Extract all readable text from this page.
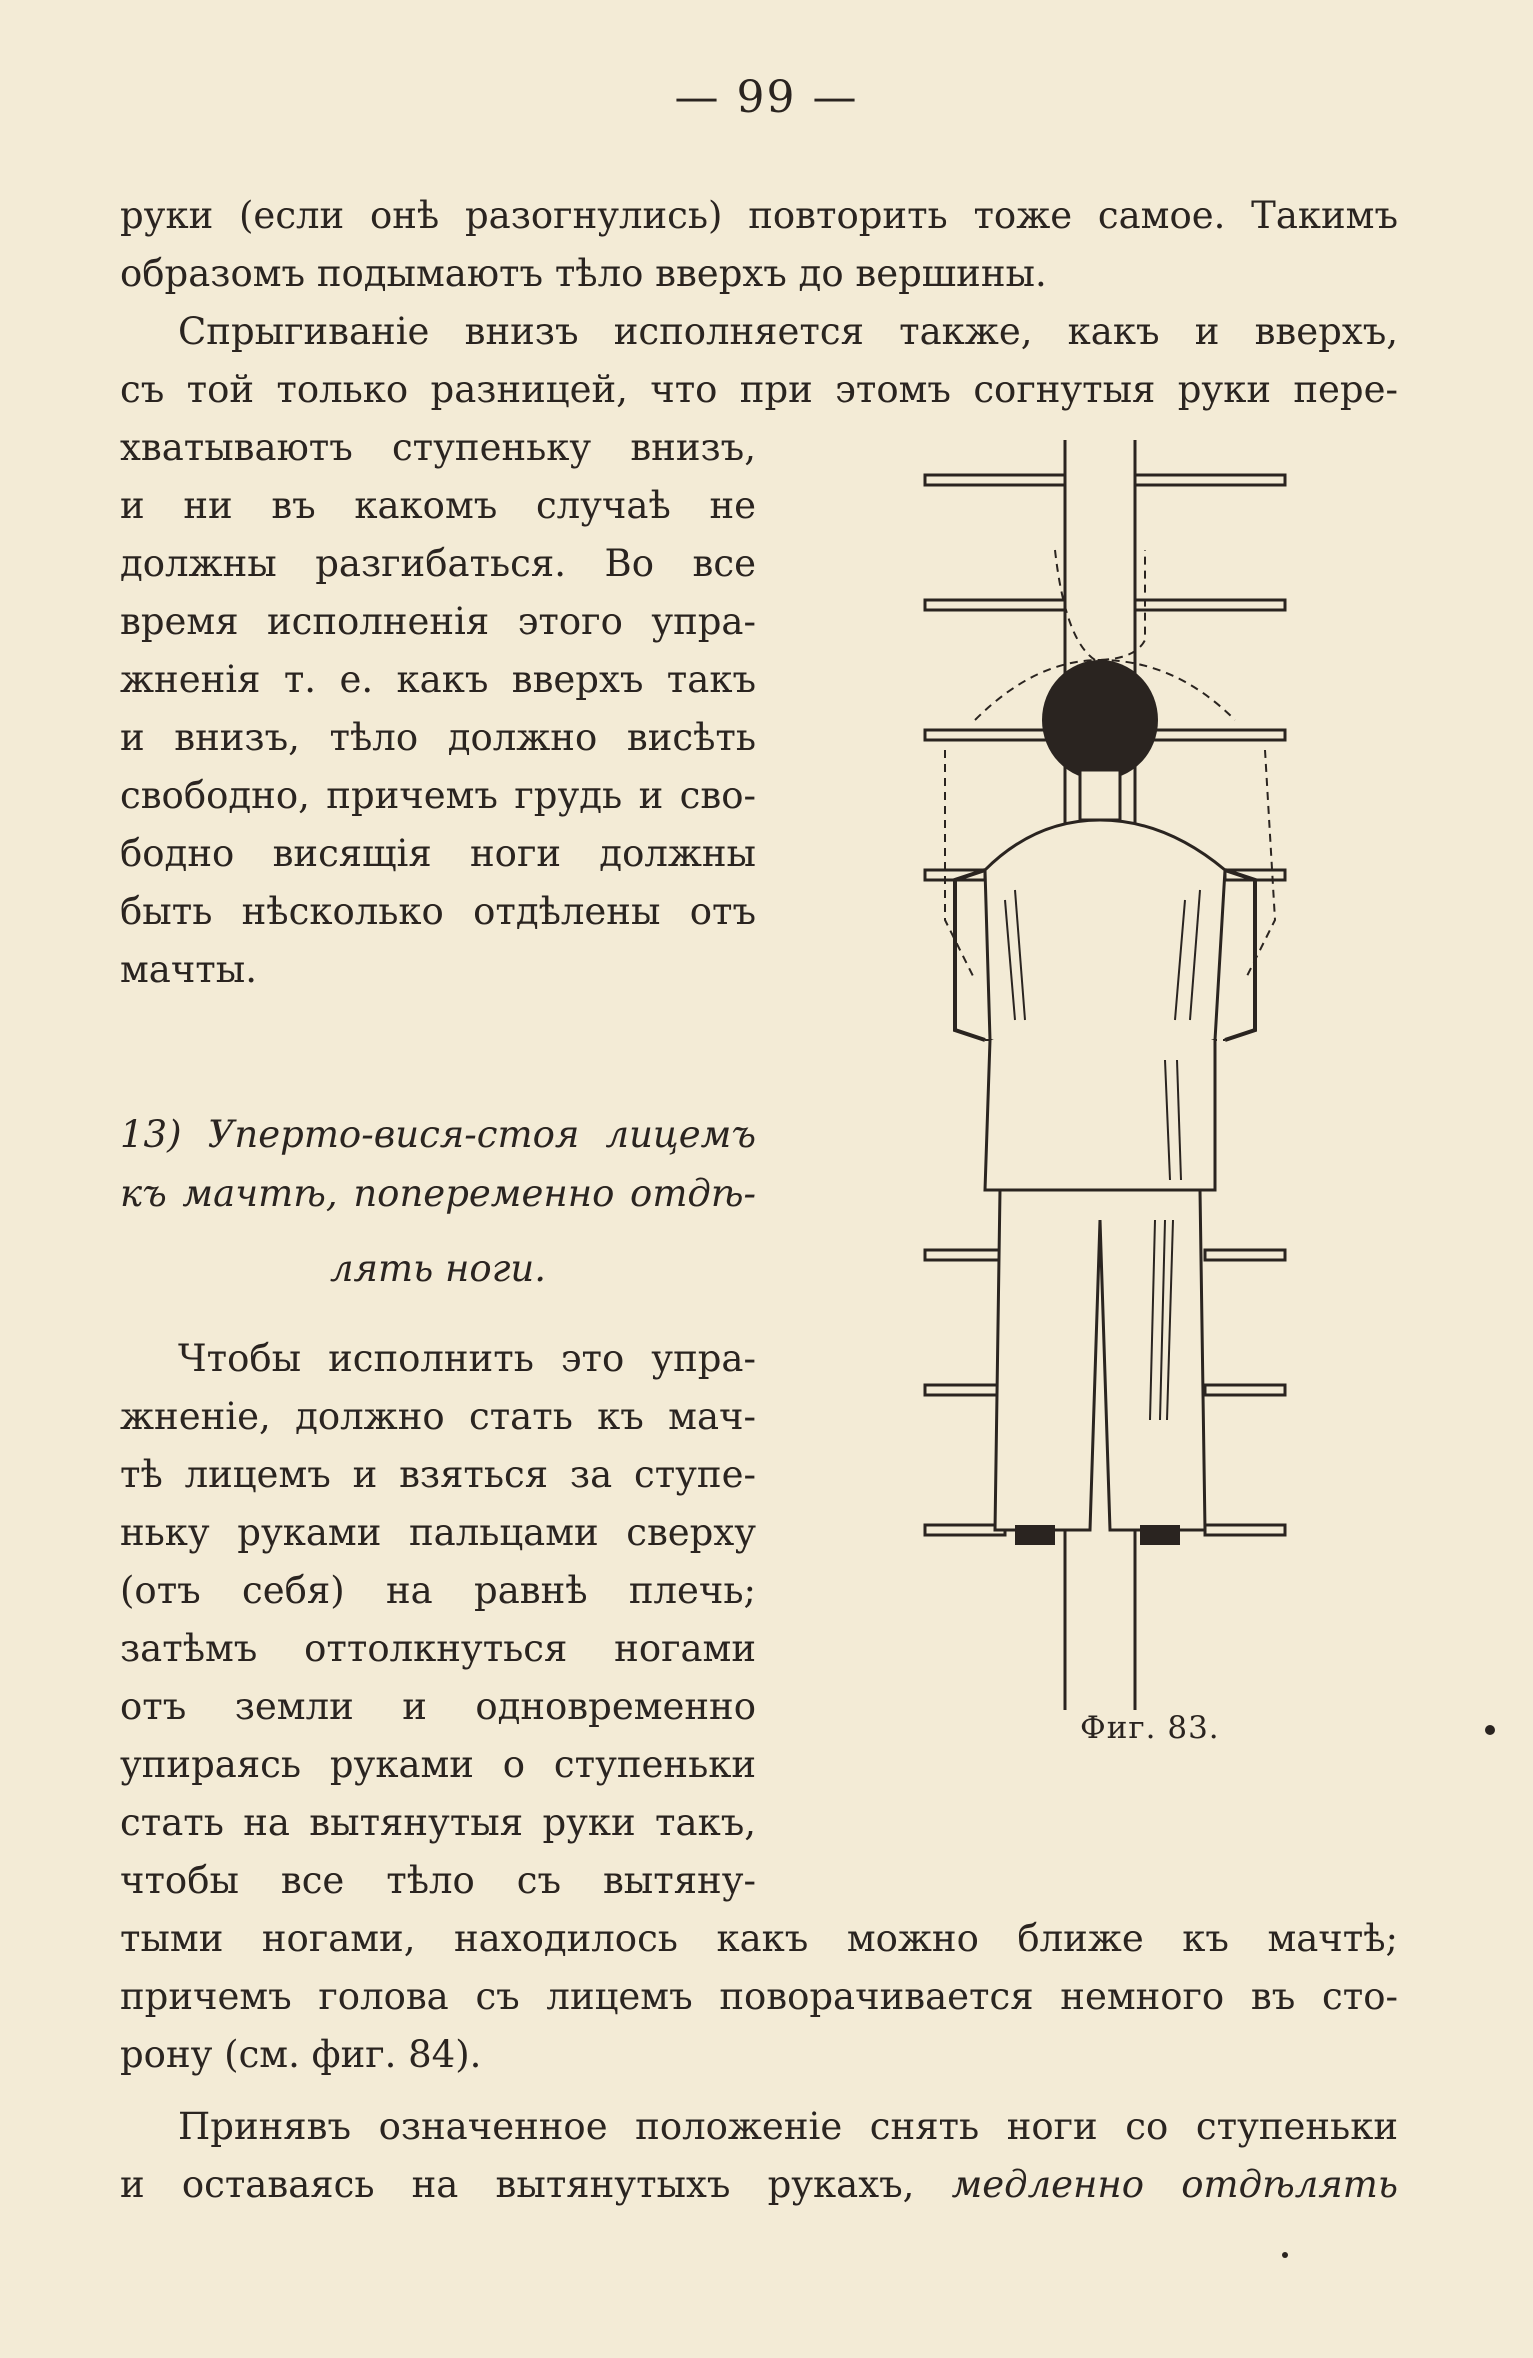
— 99 —
руки (если онѣ разогнулись) повторить тоже самое. Такимъ
образомъ подымаютъ тѣло вверхъ до вершины.
Спрыгиванiе внизъ исполняется также, какъ и вверхъ,
съ той только разницей, что при этомъ согнутыя руки пере-
хватываютъ ступеньку внизъ,
и ни въ какомъ случаѣ не
должны разгибаться. Во все
время исполненiя этого упра-
жненiя т. е. какъ вверхъ такъ
и внизъ, тѣло должно висѣть
свободно, причемъ грудь и сво-
бодно висящiя ноги должны
быть нѣсколько отдѣлены отъ
мачты.
13) Уперто-вися-стоя лицемъ
къ мачтѣ, попеременно отдѣ-
лять ноги.
Чтобы исполнить это упра-
жненiе, должно стать къ мач-
тѣ лицемъ и взяться за ступе-
ньку руками пальцами сверху
(отъ себя) на равнѣ плечь;
затѣмъ оттолкнуться ногами
отъ земли и одновременно
упираясь руками о ступеньки
стать на вытянутыя руки такъ,
чтобы все тѣло съ вытяну-
тыми ногами, находилось какъ можно ближе къ мачтѣ;
причемъ голова съ лицемъ поворачивается немного въ сто-
рону (см. фиг. 84).
Принявъ означенное положенiе снять ноги со ступеньки
и оставаясь на вытянутыхъ рукахъ, медленно отдѣлять
Фиг. 83.
